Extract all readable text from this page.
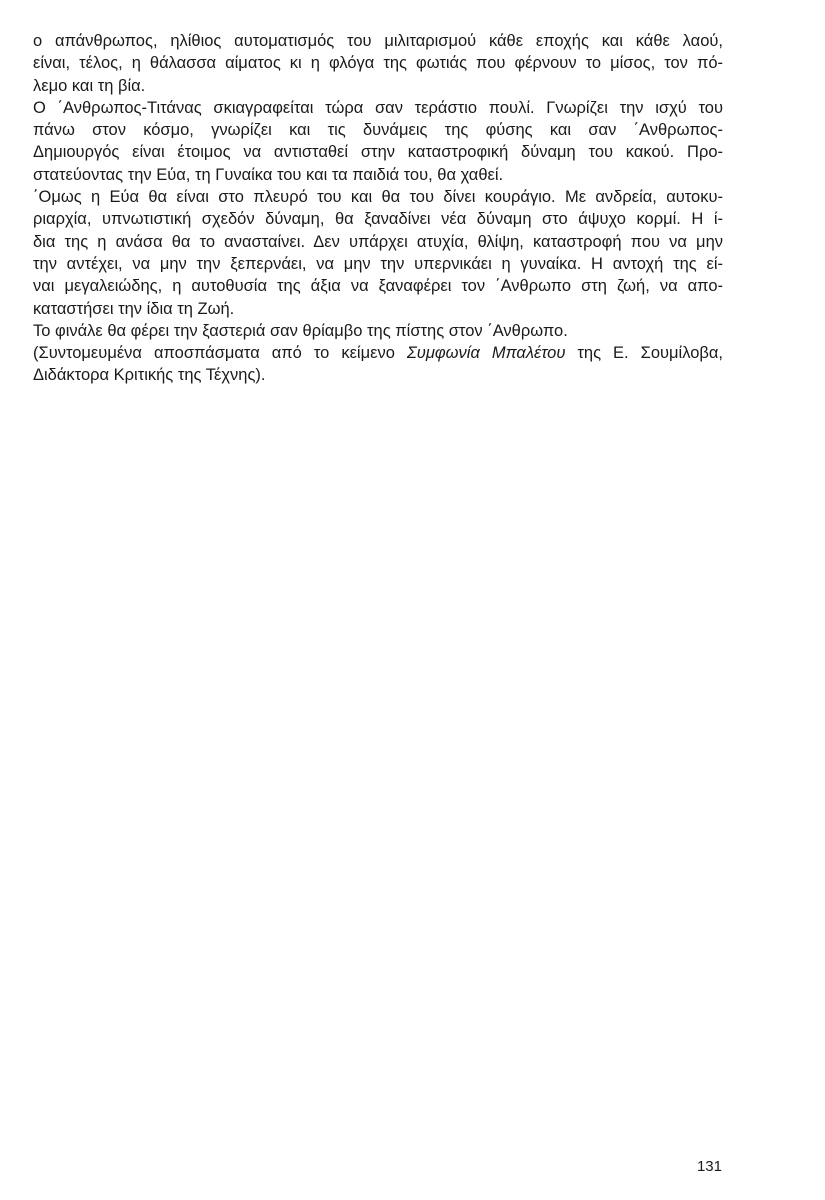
ο απάνθρωπος, ηλίθιος αυτοματισμός του μιλιταρισμού κάθε εποχής και κάθε λαού,
είναι, τέλος, η θάλασσα αίματος κι η φλόγα της φωτιάς που φέρνουν το μίσος, τον πό-
λεμο και τη βία.
Ο ΄Ανθρωπος-Τιτάνας σκιαγραφείται τώρα σαν τεράστιο πουλί. Γνωρίζει την ισχύ του
πάνω στον κόσμο, γνωρίζει και τις δυνάμεις της φύσης και σαν ΄Ανθρωπος-
Δημιουργός είναι έτοιμος να αντισταθεί στην καταστροφική δύναμη του κακού. Προ-
στατεύοντας την Εύα, τη Γυναίκα του και τα παιδιά του, θα χαθεί.
΄Ομως η Εύα θα είναι στο πλευρό του και θα του δίνει κουράγιο. Με ανδρεία, αυτοκυ-
ριαρχία, υπνωτιστική σχεδόν δύναμη, θα ξαναδίνει νέα δύναμη στο άψυχο κορμί. Η ί-
δια της η ανάσα θα το ανασταίνει. Δεν υπάρχει ατυχία, θλίψη, καταστροφή που να μην
την αντέχει, να μην την ξεπερνάει, να μην την υπερνικάει η γυναίκα. Η αντοχή της εί-
ναι μεγαλειώδης, η αυτοθυσία της άξια να ξαναφέρει τον ΄Ανθρωπο στη ζωή, να απο-
καταστήσει την ίδια τη Ζωή.
Το φινάλε θα φέρει την ξαστεριά σαν θρίαμβο της πίστης στον ΄Ανθρωπο.
(Συντομευμένα αποσπάσματα από το κείμενο Συμφωνία Μπαλέτου της Ε. Σουμίλοβα,
Διδάκτορα Κριτικής της Τέχνης).
131
